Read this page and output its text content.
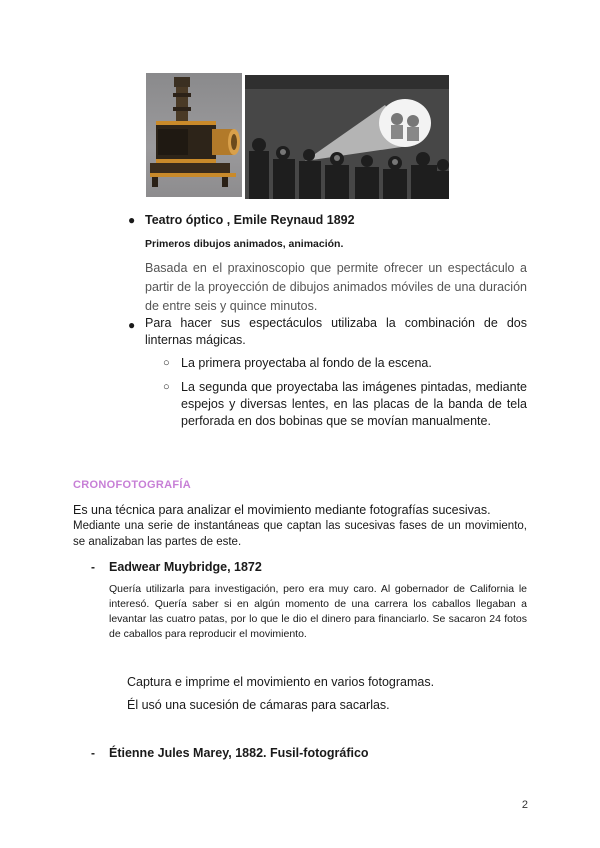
● Teatro óptico , Emile Reynaud 1892
Primeros dibujos animados, animación.
Basada en el praxinoscopio que permite ofrecer un espectáculo a partir de la proyección de dibujos animados móviles de una duración de entre seis y quince minutos.
● Para hacer sus espectáculos utilizaba la combinación de dos linternas mágicas.
○ La primera proyectaba al fondo de la escena.
○ La segunda que proyectaba las imágenes pintadas, mediante espejos y diversas lentes, en las placas de la banda de tela perforada en dos bobinas que se movían manualmente.
CRONOFOTOGRAFÍA
Es una técnica para analizar el movimiento mediante fotografías sucesivas.
Mediante una serie de instantáneas que captan las sucesivas fases de un movimiento, se analizaban las partes de este.
- Eadwear Muybridge, 1872
Quería utilizarla para investigación, pero era muy caro. Al gobernador de California le interesó. Quería saber si en algún momento de una carrera los caballos llegaban a levantar las cuatro patas, por lo que le dio el dinero para financiarlo. Se sacaron 24 fotos de caballos para reproducir el movimiento.
Captura e imprime el movimiento en varios fotogramas.
Él usó una sucesión de cámaras para sacarlas.
- Étienne Jules Marey, 1882. Fusil-fotográfico
2
